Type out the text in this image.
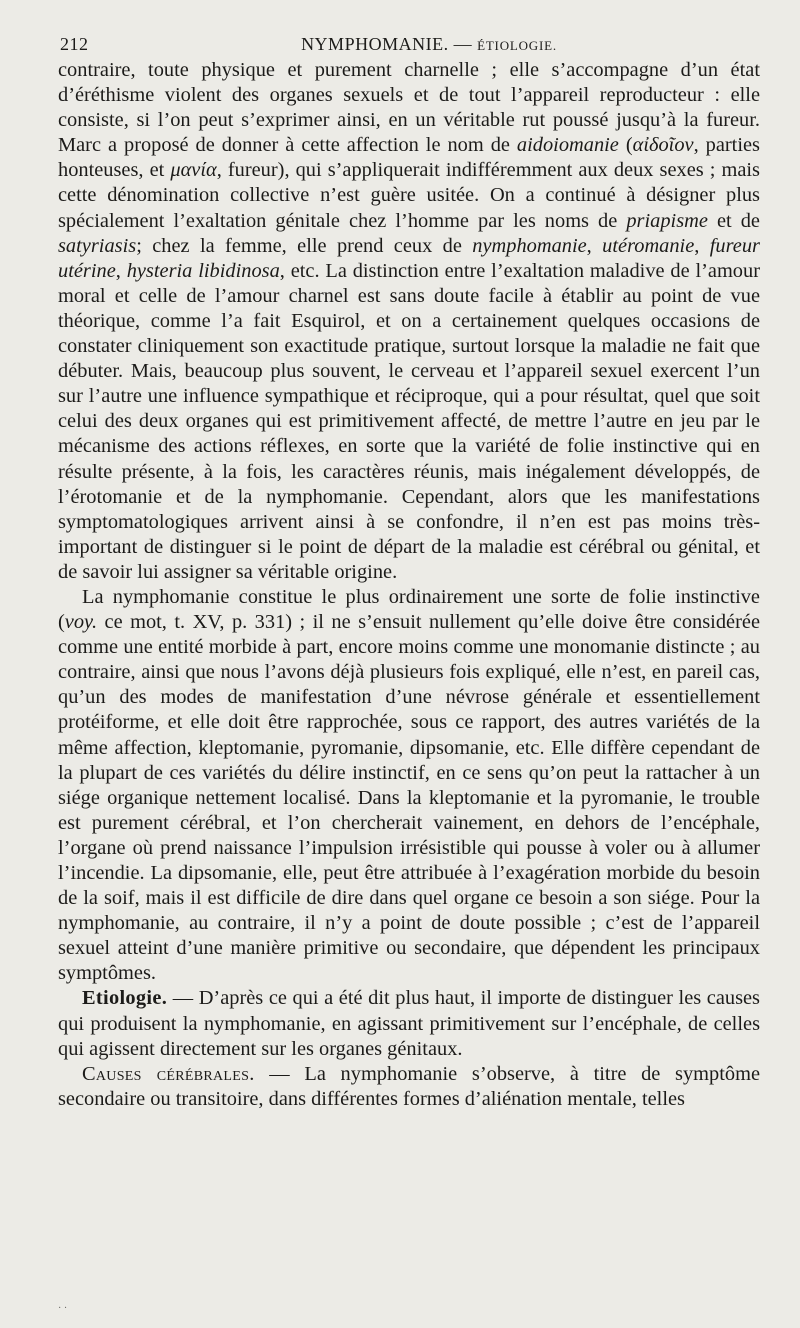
212	NYMPHOMANIE. — ÉTIOLOGIE.

contraire, toute physique et purement charnelle ; elle s’accompagne d’un état d’éréthisme violent des organes sexuels et de tout l’appareil reproducteur : elle consiste, si l’on peut s’exprimer ainsi, en un véritable rut poussé jusqu’à la fureur. Marc a proposé de donner à cette affection le nom de aidoiomanie (αἰδοῖον, parties honteuses, et μανία, fureur), qui s’appliquerait indifféremment aux deux sexes ; mais cette dénomination collective n’est guère usitée. On a continué à désigner plus spécialement l’exaltation génitale chez l’homme par les noms de priapisme et de satyriasis; chez la femme, elle prend ceux de nymphomanie, utéromanie, fureur utérine, hysteria libidinosa, etc. La distinction entre l’exaltation maladive de l’amour moral et celle de l’amour charnel est sans doute facile à établir au point de vue théorique, comme l’a fait Esquirol, et on a certainement quelques occasions de constater cliniquement son exactitude pratique, surtout lorsque la maladie ne fait que débuter. Mais, beaucoup plus souvent, le cerveau et l’appareil sexuel exercent l’un sur l’autre une influence sympathique et réciproque, qui a pour résultat, quel que soit celui des deux organes qui est primitivement affecté, de mettre l’autre en jeu par le mécanisme des actions réflexes, en sorte que la variété de folie instinctive qui en résulte présente, à la fois, les caractères réunis, mais inégalement développés, de l’érotomanie et de la nymphomanie. Cependant, alors que les manifestations symptomatologiques arrivent ainsi à se confondre, il n’en est pas moins très-important de distinguer si le point de départ de la maladie est cérébral ou génital, et de savoir lui assigner sa véritable origine.

La nymphomanie constitue le plus ordinairement une sorte de folie instinctive (voy. ce mot, t. XV, p. 331) ; il ne s’ensuit nullement qu’elle doive être considérée comme une entité morbide à part, encore moins comme une monomanie distincte ; au contraire, ainsi que nous l’avons déjà plusieurs fois expliqué, elle n’est, en pareil cas, qu’un des modes de manifestation d’une névrose générale et essentiellement protéiforme, et elle doit être rapprochée, sous ce rapport, des autres variétés de la même affection, kleptomanie, pyromanie, dipsomanie, etc. Elle diffère cependant de la plupart de ces variétés du délire instinctif, en ce sens qu’on peut la rattacher à un siége organique nettement localisé. Dans la kleptomanie et la pyromanie, le trouble est purement cérébral, et l’on chercherait vainement, en dehors de l’encéphale, l’organe où prend naissance l’impulsion irrésistible qui pousse à voler ou à allumer l’incendie. La dipsomanie, elle, peut être attribuée à l’exagération morbide du besoin de la soif, mais il est difficile de dire dans quel organe ce besoin a son siége. Pour la nymphomanie, au contraire, il n’y a point de doute possible ; c’est de l’appareil sexuel atteint d’une manière primitive ou secondaire, que dépendent les principaux symptômes.

Etiologie. — D’après ce qui a été dit plus haut, il importe de distinguer les causes qui produisent la nymphomanie, en agissant primitivement sur l’encéphale, de celles qui agissent directement sur les organes génitaux.

Causes cérébrales. — La nymphomanie s’observe, à titre de symptôme secondaire ou transitoire, dans différentes formes d’aliénation mentale, telles

· ·
